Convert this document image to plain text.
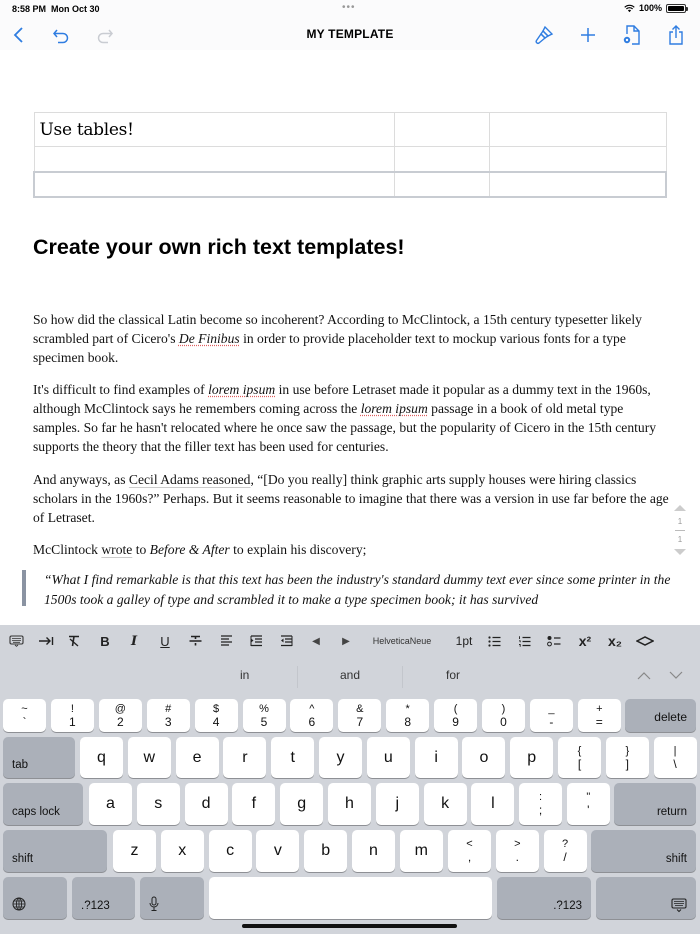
8:58 PM Mon Oct 30	•••	100%
MY TEMPLATE
Use tables!		

Create your own rich text templates!

So how did the classical Latin become so incoherent? According to McClintock, a 15th century typesetter likely scrambled part of Cicero's De Finibus in order to provide placeholder text to mockup various fonts for a type specimen book.

It's difficult to find examples of lorem ipsum in use before Letraset made it popular as a dummy text in the 1960s, although McClintock says he remembers coming across the lorem ipsum passage in a book of old metal type samples. So far he hasn't relocated where he once saw the passage, but the popularity of Cicero in the 15th century supports the theory that the filler text has been used for centuries.

And anyways, as Cecil Adams reasoned, “[Do you really] think graphic arts supply houses were hiring classics scholars in the 1960s?” Perhaps. But it seems reasonable to imagine that there was a version in use far before the age of Letraset.

McClintock wrote to Before & After to explain his discovery;

“What I find remarkable is that this text has been the industry's standard dummy text ever since some printer in the 1500s took a galley of type and scrambled it to make a type specimen book; it has survived
1
1
B	I	U	◀ ▶	HelveticaNeue	1pt	x² x₂
in	and	for
delete
tab
caps lock	return
shift	shift
.?123	.?123
~
`
!
1
@
2
#
3
$
4
%
5
^
6
&
7
*
8
(
9
)
0
_
-
+
=
q	w	e	r	t	y	u	i	o	p	{
[
}
]
|
\
a	s	d	f	g	h	j	k	l	:
;
"
'
z	x	c	v	b	n	m	<
,
>
.
?
/
